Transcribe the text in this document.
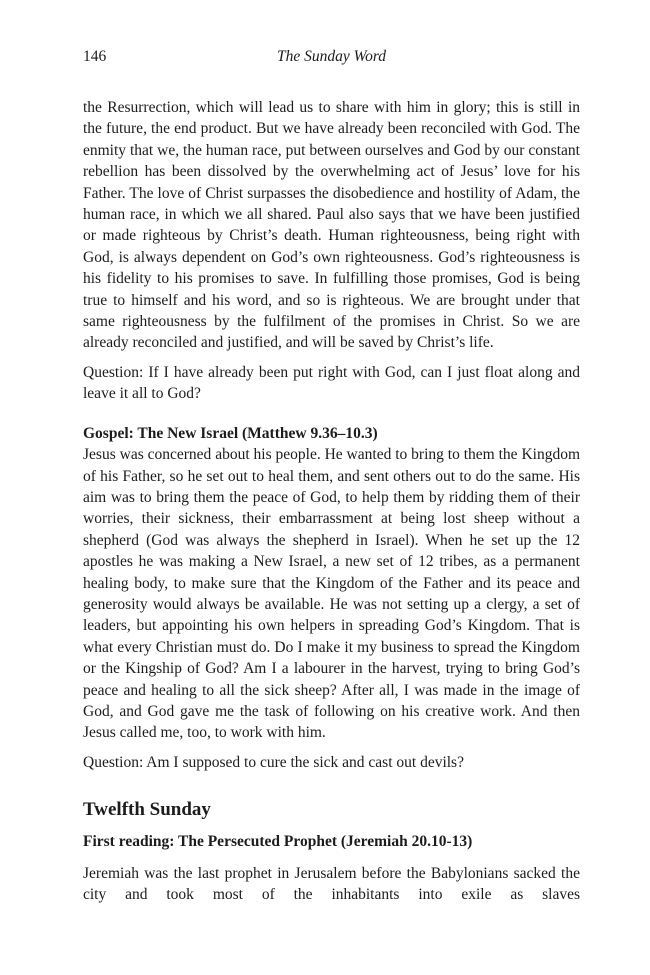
146	The Sunday Word

the Resurrection, which will lead us to share with him in glory; this is still in the future, the end product. But we have already been reconciled with God. The enmity that we, the human race, put between ourselves and God by our constant rebellion has been dissolved by the overwhelming act of Jesus’ love for his Father. The love of Christ surpasses the disobedience and hostility of Adam, the human race, in which we all shared. Paul also says that we have been justified or made righteous by Christ’s death. Human righteousness, being right with God, is always dependent on God’s own righteousness. God’s righteousness is his fidelity to his promises to save. In fulfilling those promises, God is being true to himself and his word, and so is righteous. We are brought under that same righteousness by the fulfilment of the promises in Christ. So we are already reconciled and justified, and will be saved by Christ’s life.

Question: If I have already been put right with God, can I just float along and leave it all to God?

Gospel: The New Israel (Matthew 9.36–10.3)

Jesus was concerned about his people. He wanted to bring to them the Kingdom of his Father, so he set out to heal them, and sent others out to do the same. His aim was to bring them the peace of God, to help them by ridding them of their worries, their sickness, their embarrassment at being lost sheep without a shepherd (God was always the shepherd in Israel). When he set up the 12 apostles he was making a New Israel, a new set of 12 tribes, as a permanent healing body, to make sure that the Kingdom of the Father and its peace and generosity would always be available. He was not setting up a clergy, a set of leaders, but appointing his own helpers in spreading God’s Kingdom. That is what every Christian must do. Do I make it my business to spread the Kingdom or the Kingship of God? Am I a labourer in the harvest, trying to bring God’s peace and healing to all the sick sheep? After all, I was made in the image of God, and God gave me the task of following on his creative work. And then Jesus called me, too, to work with him.

Question: Am I supposed to cure the sick and cast out devils?

Twelfth Sunday
First reading: The Persecuted Prophet (Jeremiah 20.10-13)

Jeremiah was the last prophet in Jerusalem before the Babylonians sacked the city and took most of the inhabitants into exile as slaves
